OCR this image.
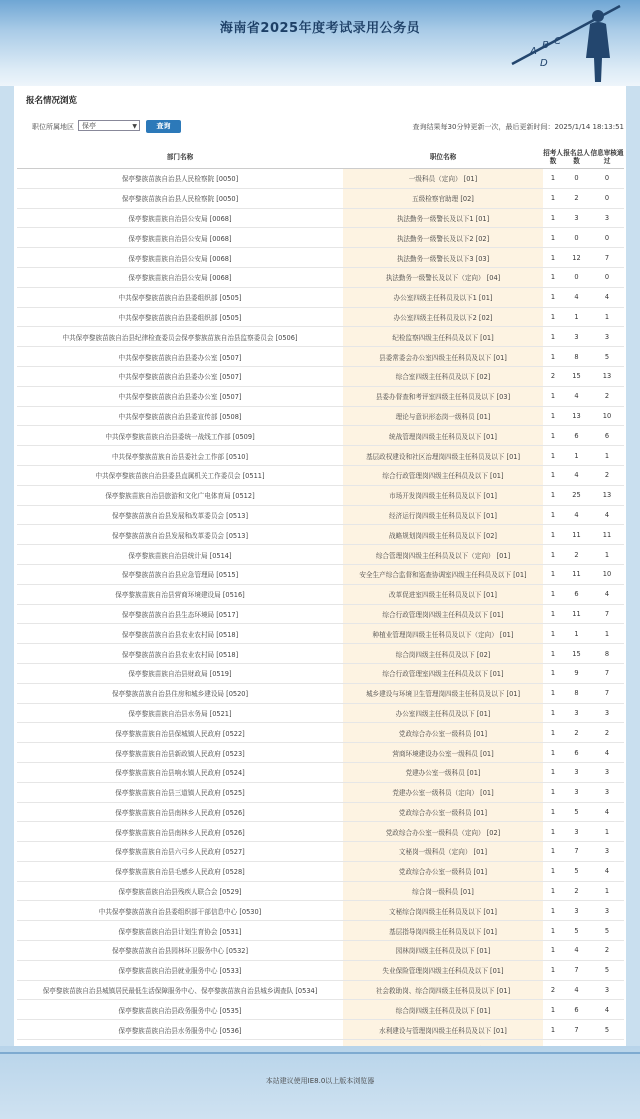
海南省2025年度考试录用公务员
A
B C
D
报名情况浏览
职位所属地区	保亭	▼	查询	查询结果每30分钟更新一次，最后更新时间：2025/1/14 18:13:51
部门名称	职位名称	招考人数	报名总人数	信息审核通过
保亭黎族苗族自治县人民检察院 [0050]	一级科员（定向） [01]	1	0	0
保亭黎族苗族自治县人民检察院 [0050]	五级检察官助理 [02]	1	2	0
保亭黎族苗族自治县公安局 [0068]	执法勤务一级警长及以下1 [01]	1	3	3
保亭黎族苗族自治县公安局 [0068]	执法勤务一级警长及以下2 [02]	1	0	0
保亭黎族苗族自治县公安局 [0068]	执法勤务一级警长及以下3 [03]	1	12	7
保亭黎族苗族自治县公安局 [0068]	执法勤务一级警长及以下（定向） [04]	1	0	0
中共保亭黎族苗族自治县委组织部 [0505]	办公室四级主任科员及以下1 [01]	1	4	4
中共保亭黎族苗族自治县委组织部 [0505]	办公室四级主任科员及以下2 [02]	1	1	1
中共保亭黎族苗族自治县纪律检查委员会保亭黎族苗族自治县监察委员会 [0506]	纪检监察四级主任科员及以下 [01]	1	3	3
中共保亭黎族苗族自治县委办公室 [0507]	县委常委会办公室四级主任科员及以下 [01]	1	8	5
中共保亭黎族苗族自治县委办公室 [0507]	综合室四级主任科员及以下 [02]	2	15	13
中共保亭黎族苗族自治县委办公室 [0507]	县委办督查和考评室四级主任科员及以下 [03]	1	4	2
中共保亭黎族苗族自治县委宣传部 [0508]	理论与意识形态岗一级科员 [01]	1	13	10
中共保亭黎族苗族自治县委统一战线工作部 [0509]	统战管理岗四级主任科员及以下 [01]	1	6	6
中共保亭黎族苗族自治县委社会工作部 [0510]	基层政权建设和社区治理岗四级主任科员及以下 [01]	1	1	1
中共保亭黎族苗族自治县委县直属机关工作委员会 [0511]	综合行政管理岗四级主任科员及以下 [01]	1	4	2
保亭黎族苗族自治县旅游和文化广电体育局 [0512]	市场开发岗四级主任科员及以下 [01]	1	25	13
保亭黎族苗族自治县发展和改革委员会 [0513]	经济运行岗四级主任科员及以下 [01]	1	4	4
保亭黎族苗族自治县发展和改革委员会 [0513]	战略规划岗四级主任科员及以下 [02]	1	11	11
保亭黎族苗族自治县统计局 [0514]	综合管理岗四级主任科员及以下（定向） [01]	1	2	1
保亭黎族苗族自治县应急管理局 [0515]	安全生产综合监督和巡查协调室四级主任科员及以下 [01]	1	11	10
保亭黎族苗族自治县营商环境建设局 [0516]	改革促进室四级主任科员及以下 [01]	1	6	4
保亭黎族苗族自治县生态环境局 [0517]	综合行政管理岗四级主任科员及以下 [01]	1	11	7
保亭黎族苗族自治县农业农村局 [0518]	种植业管理岗四级主任科员及以下（定向） [01]	1	1	1
保亭黎族苗族自治县农业农村局 [0518]	综合岗四级主任科员及以下 [02]	1	15	8
保亭黎族苗族自治县财政局 [0519]	综合行政管理室四级主任科员及以下 [01]	1	9	7
保亭黎族苗族自治县住房和城乡建设局 [0520]	城乡建设与环境卫生管理岗四级主任科员及以下 [01]	1	8	7
保亭黎族苗族自治县水务局 [0521]	办公室四级主任科员及以下 [01]	1	3	3
保亭黎族苗族自治县保城镇人民政府 [0522]	党政综合办公室一级科员 [01]	1	2	2
保亭黎族苗族自治县新政镇人民政府 [0523]	营商环境建设办公室一级科员 [01]	1	6	4
保亭黎族苗族自治县响水镇人民政府 [0524]	党建办公室一级科员 [01]	1	3	3
保亭黎族苗族自治县三道镇人民政府 [0525]	党建办公室一级科员（定向） [01]	1	3	3
保亭黎族苗族自治县南林乡人民政府 [0526]	党政综合办公室一级科员 [01]	1	5	4
保亭黎族苗族自治县南林乡人民政府 [0526]	党政综合办公室一级科员（定向） [02]	1	3	1
保亭黎族苗族自治县六弓乡人民政府 [0527]	文秘岗一级科员（定向） [01]	1	7	3
保亭黎族苗族自治县毛感乡人民政府 [0528]	党政综合办公室一级科员 [01]	1	5	4
保亭黎族苗族自治县残疾人联合会 [0529]	综合岗一级科员 [01]	1	2	1
中共保亭黎族苗族自治县委组织部干部信息中心 [0530]	文秘综合岗四级主任科员及以下 [01]	1	3	3
保亭黎族苗族自治县计划生育协会 [0531]	基层指导岗四级主任科员及以下 [01]	1	5	5
保亭黎族苗族自治县园林环卫服务中心 [0532]	园林岗四级主任科员及以下 [01]	1	4	2
保亭黎族苗族自治县就业服务中心 [0533]	失业保险管理岗四级主任科员及以下 [01]	1	7	5
保亭黎族苗族自治县城镇居民最低生活保障服务中心、保亭黎族苗族自治县城乡调查队 [0534]	社会救助岗、综合岗四级主任科员及以下 [01]	2	4	3
保亭黎族苗族自治县政务服务中心 [0535]	综合岗四级主任科员及以下 [01]	1	6	4
保亭黎族苗族自治县水务服务中心 [0536]	水利建设与管理岗四级主任科员及以下 [01]	1	7	5

本站建议使用IE8.0以上版本浏览器
